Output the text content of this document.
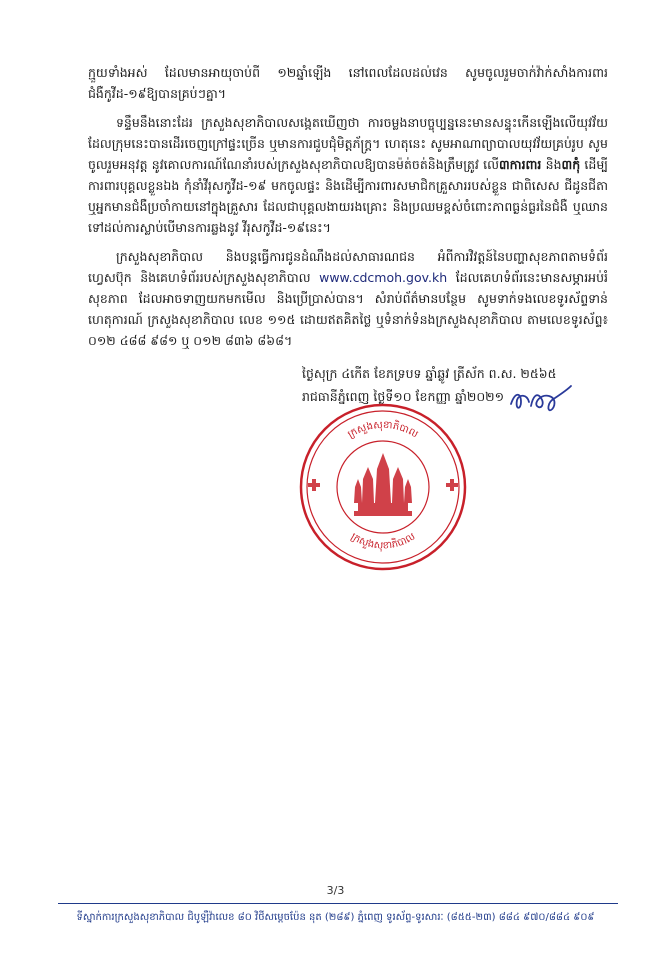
ក្មួយទាំងអស់ ដែលមានអាយុចាប់ពី ១២ឆ្នាំឡើង នៅពេលដែលដល់វេន សូមចូលរួមចាក់វ៉ាក់សាំងការពារជំងឺកូវីដ-១៩ឱ្យបានគ្រប់ៗគ្នា។

ទន្ទឹមនឹងនោះដែរ ក្រសួងសុខាភិបាលសង្កេតឃើញថា ការចម្លងនាបច្ចុប្បន្ននេះមានសន្ទុះកើនឡើងលើយុវវ័យ ដែលក្រុមនេះបានដើរចេញក្រៅផ្ទះច្រើន ឬមានការជួបជុំមិត្តភ័ក្ត្រ។ ហេតុនេះ សូមអាណាព្យាបាលយុវវ័យគ្រប់រូប សូមចូលរួមអនុវត្ត នូវគោលការណ៍ណែនាំរបស់ក្រសួងសុខាភិបាលឱ្យបានម៉ត់ចត់និងត្រឹមត្រូវ លើ៣ការពារ និង៣កុំ ដើម្បីការពារបុគ្គលខ្លួនឯង កុំនាំវីរុសកូវីដ-១៩ មកចូលផ្ទះ និងដើម្បីការពារសមាជិកគ្រួសាររបស់ខ្លួន ជាពិសេស ជីដូនជីតា ឬអ្នកមានជំងឺប្រចាំកាយនៅក្នុងគ្រួសារ ដែលជាបុគ្គលងាយរងគ្រោះ និងប្រឈមខ្ពស់ចំពោះភាពធ្ងន់ធ្ងរនៃជំងឺ ឬឈានទៅដល់ការស្លាប់បើមានការឆ្លងនូវ វីរុសកូវីដ-១៩នេះ។

ក្រសួងសុខាភិបាល និងបន្តធ្វើការជូនដំណឹងដល់សាធារណជន អំពីការវិវត្តន៍នៃបញ្ហាសុខភាពតាមទំព័រហ្វេសប៊ុក និងគេហទំព័ររបស់ក្រសួងសុខាភិបាល www.cdcmoh.gov.kh ដែលគេហទំព័រនេះមានសម្ភារអប់រំសុខភាព ដែលអាចទាញយកមកមើល និងប្រើប្រាស់បាន។ សំរាប់ព័ត៌មានបន្ថែម សូមទាក់ទងលេខទូរស័ព្ទទាន់ហេតុការណ៍ ក្រសួងសុខាភិបាល លេខ ១១៥ ដោយឥតគិតថ្លៃ ឬទំនាក់ទំនងក្រសួងសុខាភិបាល តាមលេខទូរស័ព្ទ៖ ០១២ ៤៨៨ ៩៨១ ឬ ០១២ ៨៣៦ ៨៦៨។

ថ្ងៃសុក្រ ៤កើត ខែភទ្របទ ឆ្នាំឆ្លូវ ត្រីស័ក ព.ស. ២៥៦៥
រាជធានីភ្នំពេញ ថ្ងៃទី១០ ខែកញ្ញា ឆ្នាំ២០២១
ក្រសួងសុខាភិបាល
ក្រសួងសុខាភិបាល
3/3
ទីស្នាក់ការក្រសួងសុខាភិបាល ជិបូឡឺវ៉ាលេខ ៨០ វិថីសម្ដេចប៉ែន នុត (២៨៩) ភ្នំពេញ ទូរស័ព្ទ-ទូរសារៈ (៨៥៥-២៣) ៨៨៤ ៩៧០/៨៨៤ ៩០៩
